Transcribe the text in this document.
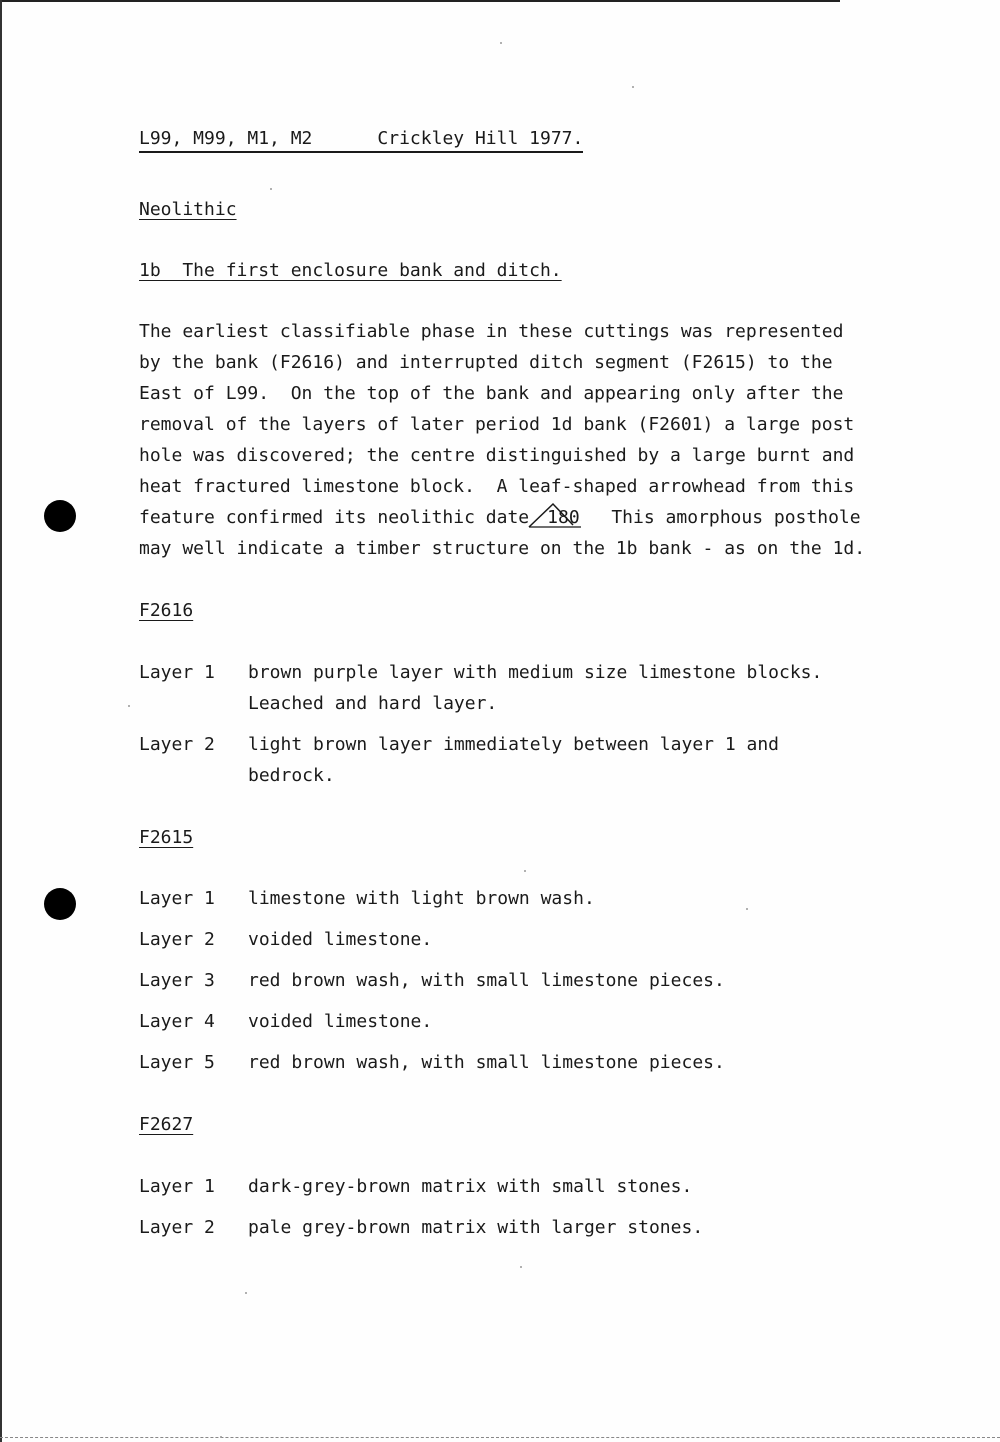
L99, M99, M1, M2	Crickley Hill 1977.
Neolithic
1b  The first enclosure bank and ditch.
The earliest classifiable phase in these cuttings was represented
by the bank (F2616) and interrupted ditch segment (F2615) to the
East of L99.  On the top of the bank and appearing only after the
removal of the layers of later period 1d bank (F2601) a large post
hole was discovered; the centre distinguished by a large burnt and
heat fractured limestone block.  A leaf-shaped arrowhead from this
feature confirmed its neolithic date 180  This amorphous posthole
may well indicate a timber structure on the 1b bank - as on the 1d.
F2616
Layer 1 brown purple layer with medium size limestone blocks.
Leached and hard layer.
Layer 2 light brown layer immediately between layer 1 and
bedrock.
F2615
Layer 1 limestone with light brown wash.
Layer 2 voided limestone.
Layer 3 red brown wash, with small limestone pieces.
Layer 4 voided limestone.
Layer 5 red brown wash, with small limestone pieces.
F2627
Layer 1 dark-grey-brown matrix with small stones.
Layer 2 pale grey-brown matrix with larger stones.
